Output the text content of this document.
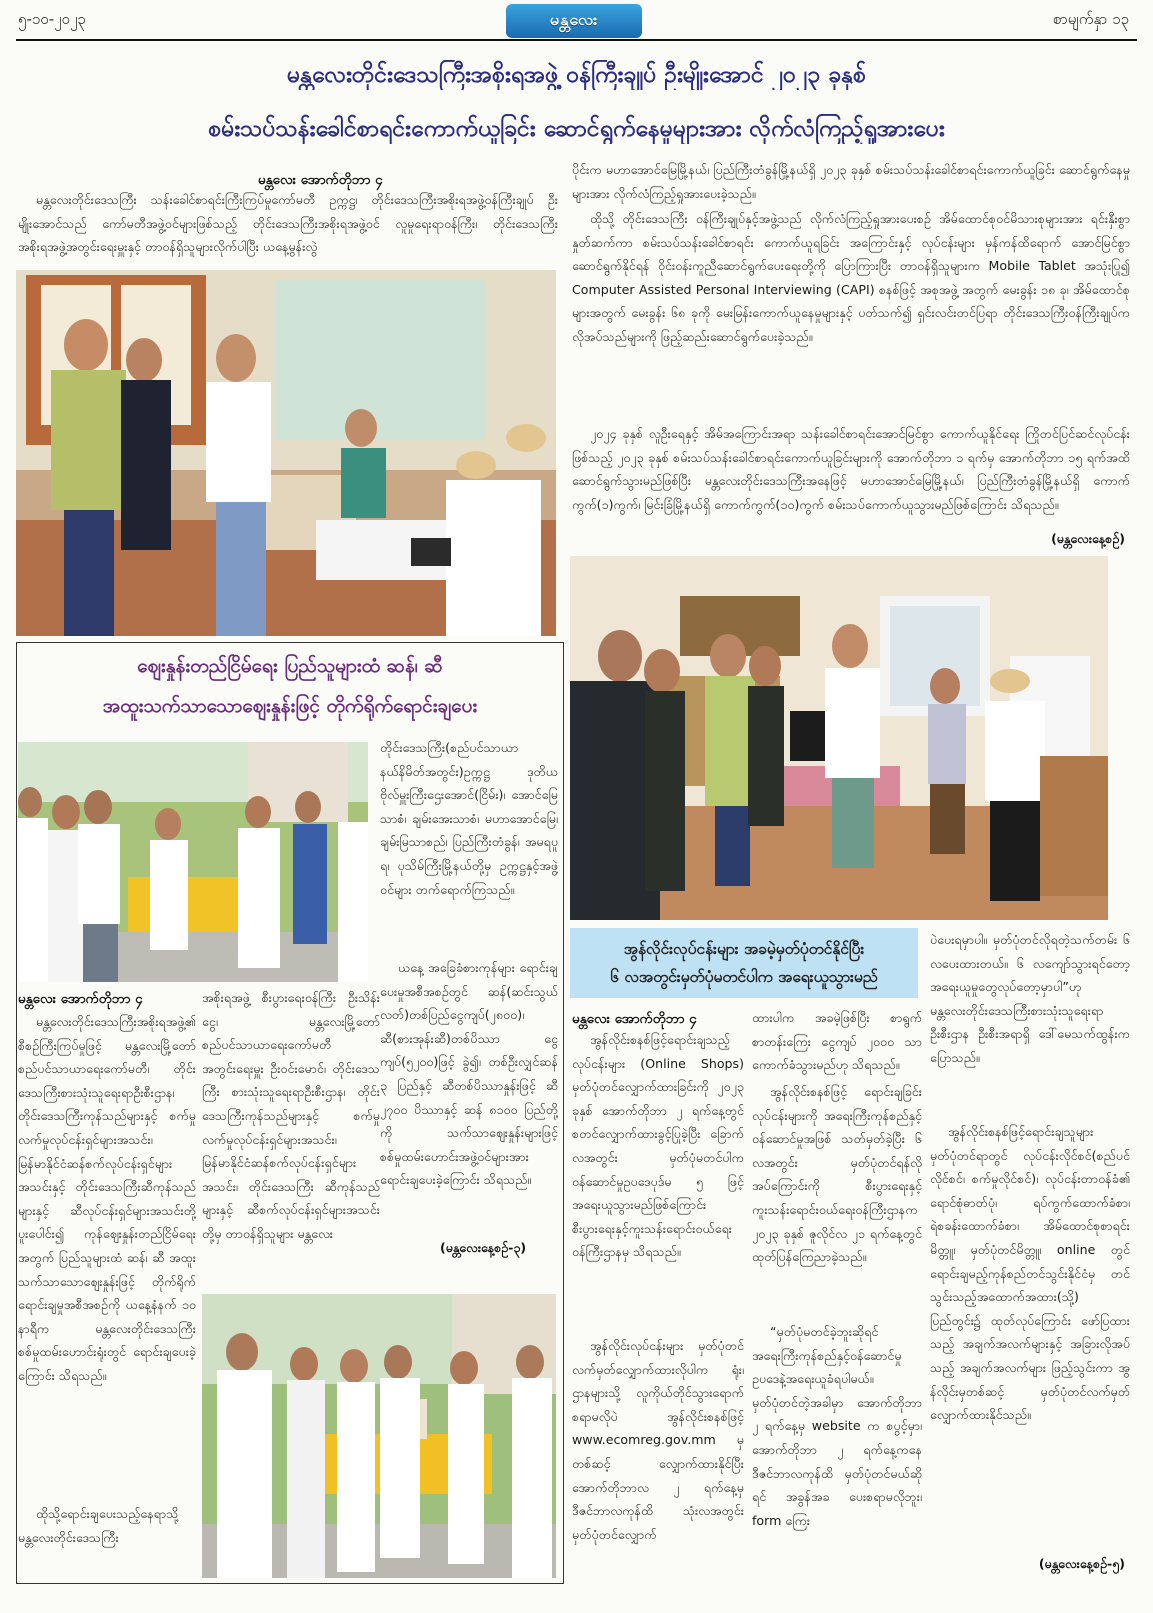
၅-၁၀-၂၀၂၃	မန္တလေး	စာမျက်နှာ ၁၃
မန္တလေးတိုင်းဒေသကြီးအစိုးရအဖွဲ့ ဝန်ကြီးချုပ် ဦးမျိုးအောင် ၂၀၂၃ ခုနှစ်
စမ်းသပ်သန်းခေါင်စာရင်းကောက်ယူခြင်း ဆောင်ရွက်နေမှုများအား လိုက်လံကြည့်ရှုအားပေး
မန္တလေး အောက်တိုဘာ ၄
မန္တလေးတိုင်းဒေသကြီး သန်းခေါင်စာရင်းကြီးကြပ်မှုကော်မတီ ဥက္ကဋ္ဌ၊ တိုင်းဒေသကြီးအစိုးရအဖွဲ့ဝန်ကြီးချုပ် ဦးမျိုးအောင်သည် ကော်မတီအဖွဲ့ဝင်များဖြစ်သည့် တိုင်းဒေသကြီးအစိုးရအဖွဲ့ဝင် လူမှုရေးရာဝန်ကြီး၊ တိုင်းဒေသကြီးအစိုးရအဖွဲ့အတွင်းရေးမှူးနှင့် တာဝန်ရှိသူများလိုက်ပါပြီး ယနေ့မွန်းလွဲ
ပိုင်းက မဟာအောင်မြေမြို့နယ်၊ ပြည်ကြီးတံခွန်မြို့နယ်ရှိ ၂၀၂၃ ခုနှစ် စမ်းသပ်သန်းခေါင်စာရင်းကောက်ယူခြင်း ဆောင်ရွက်နေမှုများအား လိုက်လံကြည့်ရှုအားပေးခဲ့သည်။
ထိုသို့ တိုင်းဒေသကြီး ဝန်ကြီးချုပ်နှင့်အဖွဲ့သည် လိုက်လံကြည့်ရှုအားပေးစဉ် အိမ်ထောင်စုဝင်မိသားစုများအား ရင်းနှီးစွာ နှုတ်ဆက်ကာ စမ်းသပ်သန်းခေါင်စာရင်း ကောက်ယူရခြင်း အကြောင်းနှင့် လုပ်ငန်းများ မှန်ကန်ထိရောက် အောင်မြင်စွာ ဆောင်ရွက်နိုင်ရန် ဝိုင်းဝန်းကူညီဆောင်ရွက်ပေးရေးတို့ကို ပြောကြားပြီး တာဝန်ရှိသူများက Mobile Tablet အသုံးပြု၍ Computer Assisted Personal Interviewing (CAPI) စနစ်ဖြင့် အစုအဖွဲ့ အတွက် မေးခွန်း ၁၈ ခု၊ အိမ်ထောင်စုများအတွက် မေးခွန်း ၆၈ ခုကို မေးမြန်းကောက်ယူနေမှုများနှင့် ပတ်သက်၍ ရှင်းလင်းတင်ပြရာ တိုင်းဒေသကြီးဝန်ကြီးချုပ်က လိုအပ်သည်များကို ဖြည့်ဆည်းဆောင်ရွက်ပေးခဲ့သည်။
၂၀၂၄ ခုနှစ် လူဦးရေနှင့် အိမ်အကြောင်းအရာ သန်းခေါင်စာရင်းအောင်မြင်စွာ ကောက်ယူနိုင်ရေး ကြိုတင်ပြင်ဆင်လုပ်ငန်းဖြစ်သည့် ၂၀၂၃ ခုနှစ် စမ်းသပ်သန်းခေါင်စာရင်းကောက်ယူခြင်းများကို အောက်တိုဘာ ၁ ရက်မှ အောက်တိုဘာ ၁၅ ရက်အထိ ဆောင်ရွက်သွားမည်ဖြစ်ပြီး မန္တလေးတိုင်းဒေသကြီးအနေဖြင့် မဟာအောင်မြေမြို့နယ်၊ ပြည်ကြီးတံခွန်မြို့နယ်ရှိ ကောက်ကွက်(၁)ကွက်၊ မြင်းခြံမြို့နယ်ရှိ ကောက်ကွက်(၁၀)ကွက် စမ်းသပ်ကောက်ယူသွားမည်ဖြစ်ကြောင်း သိရသည်။
(မန္တလေးနေ့စဉ်)
ဈေးနှုန်းတည်ငြိမ်ရေး ပြည်သူများထံ ဆန်၊ ဆီ
အထူးသက်သာသောဈေးနှုန်းဖြင့် တိုက်ရိုက်ရောင်းချပေး
တိုင်းဒေသကြီး(စည်ပင်သာယာနယ်နိမိတ်အတွင်း)ဥက္ကဋ္ဌ ဒုတိယဗိုလ်မှူးကြီးဌေးအောင်(ငြိမ်း)၊ အောင်မြေသာစံ၊ ချမ်းအေးသာစံ၊ မဟာအောင်မြေ၊ ချမ်းမြသာစည်၊ ပြည်ကြီးတံခွန်၊ အမရပူရ၊ ပုသိမ်ကြီးမြို့နယ်တို့မှ ဥက္ကဋ္ဌနှင့်အဖွဲ့ဝင်များ တက်ရောက်ကြသည်။
ယနေ့ အခြေခံစားကုန်များ ရောင်းချပေးမှုအစီအစဉ်တွင် ဆန်(ဆင်းသွယ်လတ်)တစ်ပြည်ငွေကျပ်(၂၈၀၀)၊ ဆီ(စားအုန်းဆီ)တစ်ပိဿာ ငွေကျပ်(၅၂၀၀)ဖြင့် ခွဲ၍၊ တစ်ဦးလျှင်ဆန် ၃ ပြည်နှင့် ဆီတစ်ပိဿာနှုန်းဖြင့် ဆီ ၂၇၀၀ ပိဿာနှင့် ဆန် ၈၁၀၀ ပြည်တို့ကို သက်သာဈေးနှုန်းများဖြင့် စစ်မှုထမ်းဟောင်းအဖွဲ့ဝင်များအား ရောင်းချပေးခဲ့ကြောင်း သိရသည်။
(မန္တလေးနေ့စဉ်-၃)
မန္တလေး အောက်တိုဘာ ၄
မန္တလေးတိုင်းဒေသကြီးအစိုးရအဖွဲ့၏ စီစဉ်ကြီးကြပ်မှုဖြင့် မန္တလေးမြို့တော်စည်ပင်သာယာရေးကော်မတီ၊ တိုင်းဒေသကြီးစားသုံးသူရေးရာဦးစီးဌာန၊ တိုင်းဒေသကြီးကုန်သည်များနှင့် စက်မှုလက်မှုလုပ်ငန်းရှင်များအသင်း၊ မြန်မာနိုင်ငံဆန်စက်လုပ်ငန်းရှင်များအသင်းနှင့် တိုင်းဒေသကြီးဆီကုန်သည်များနှင့် ဆီလုပ်ငန်းရှင်များအသင်းတို့ ပူးပေါင်း၍ ကုန်ဈေးနှုန်းတည်ငြိမ်ရေးအတွက် ပြည်သူများထံ ဆန်၊ ဆီ အထူးသက်သာသောဈေးနှုန်းဖြင့် တိုက်ရိုက်ရောင်းချမှုအစီအစဉ်ကို ယနေ့နံနက် ၁၀ နာရီက မန္တလေးတိုင်းဒေသကြီးစစ်မှုထမ်းဟောင်းရုံးတွင် ရောင်းချပေးခဲ့ကြောင်း သိရသည်။
ထိုသို့ရောင်းချပေးသည့်နေရာသို့ မန္တလေးတိုင်းဒေသကြီး
အစိုးရအဖွဲ့ စီးပွားရေးဝန်ကြီး ဦးသိန်းငွေ၊ မန္တလေးမြို့တော် စည်ပင်သာယာရေးကော်မတီ အတွင်းရေးမှူး ဦးဝင်းမောင်၊ တိုင်းဒေသကြီး စားသုံးသူရေးရာဦးစီးဌာန၊ တိုင်းဒေသကြီးကုန်သည်များနှင့် စက်မှုလက်မှုလုပ်ငန်းရှင်များအသင်း၊ မြန်မာနိုင်ငံဆန်စက်လုပ်ငန်းရှင်များအသင်း၊ တိုင်းဒေသကြီး ဆီကုန်သည်များနှင့် ဆီစက်လုပ်ငန်းရှင်များအသင်းတို့မှ တာဝန်ရှိသူများ မန္တလေး
အွန်လိုင်းလုပ်ငန်းများ အခမဲ့မှတ်ပုံတင်နိုင်ပြီး
၆ လအတွင်းမှတ်ပုံမတင်ပါက အရေးယူသွားမည်
မန္တလေး အောက်တိုဘာ ၄
အွန်လိုင်းစနစ်ဖြင့်ရောင်းချသည့် လုပ်ငန်းများ (Online Shops) မှတ်ပုံတင်လျှောက်ထားခြင်းကို ၂၀၂၃ ခုနှစ် အောက်တိုဘာ ၂ ရက်နေ့တွင် စတင်လျှောက်ထားခွင့်ပြုခဲ့ပြီး ခြောက်လအတွင်း မှတ်ပုံမတင်ပါက ဝန်ဆောင်မှုဥပဒေပုဒ်မ ၅ ဖြင့် အရေးယူသွားမည်ဖြစ်ကြောင်း စီးပွားရေးနှင့်ကူးသန်းရောင်းဝယ်ရေးဝန်ကြီးဌာနမှ သိရသည်။
အွန်လိုင်းလုပ်ငန်းများ မှတ်ပုံတင်လက်မှတ်လျှောက်ထားလိုပါက ရုံး၊ ဌာနများသို့ လူကိုယ်တိုင်သွားရောက်စရာမလိုပဲ အွန်လိုင်းစနစ်ဖြင့် www.ecomreg.gov.mm မှတစ်ဆင့် လျှောက်ထားနိုင်ပြီး အောက်တိုဘာလ ၂ ရက်နေ့မှ ဒီဇင်ဘာလကုန်ထိ သုံးလအတွင်း မှတ်ပုံတင်လျှောက်
ထားပါက အခမဲ့ဖြစ်ပြီး စာရွက်စာတန်းကြေး ငွေကျပ် ၂၀၀၀ သာ ကောက်ခံသွားမည်ဟု သိရသည်။
အွန်လိုင်းစနစ်ဖြင့် ရောင်းချခြင်းလုပ်ငန်းများကို အရေးကြီးကုန်စည်နှင့်ဝန်ဆောင်မှုအဖြစ် သတ်မှတ်ခဲ့ပြီး ၆ လအတွင်း မှတ်ပုံတင်ရန်လိုအပ်ကြောင်းကို စီးပွားရေးနှင့်ကူးသန်းရောင်းဝယ်ရေးဝန်ကြီးဌာနက ၂၀၂၃ ခုနှစ် ဇူလိုင်လ ၂၁ ရက်နေ့တွင် ထုတ်ပြန်ကြေညာခဲ့သည်။
“မှတ်ပုံမတင်ခဲ့ဘူးဆိုရင် အရေးကြီးကုန်စည်နှင့်ဝန်ဆောင်မှုဥပဒေနဲ့အရေးယူခံရပါမယ်။ မှတ်ပုံတင်တဲ့အခါမှာ အောက်တိုဘာ ၂ ရက်နေ့မှ website က စပွင့်မှာ၊ အောက်တိုဘာ ၂ ရက်နေ့ကနေ ဒီဇင်ဘာလကုန်ထိ မှတ်ပုံတင်မယ်ဆိုရင် အခွန်အခ ပေးစရာမလိုဘူး၊ form ကြေး
ပဲပေးရမှာပါ။ မှတ်ပုံတင်လိုရတဲ့သက်တမ်း ၆ လပေးထားတယ်။ ၆ လကျော်သွားရင်တော့ အရေးယူမှုတွေလုပ်တော့မှာပါ”ဟု မန္တလေးတိုင်းဒေသကြီးစားသုံးသူရေးရာဦးစီးဌာန ဦးစီးအရာရှိ ဒေါ်မေသက်ထွန်းက ပြောသည်။
အွန်လိုင်းစနစ်ဖြင့်ရောင်းချသူများ မှတ်ပုံတင်ရာတွင် လုပ်ငန်းလိုင်စင်(စည်ပင်လိုင်စင်၊ စက်မှုလိုင်စင်)၊ လုပ်ငန်းတာဝန်ခံ၏ ရောင်စုံဓာတ်ပုံ၊ ရပ်ကွက်ထောက်ခံစာ၊ ရဲစခန်းထောက်ခံစာ၊ အိမ်ထောင်စုစာရင်းမိတ္တူ၊ မှတ်ပုံတင်မိတ္တူ၊ online တွင် ရောင်းချမည့်ကုန်စည်တင်သွင်းနိုင်ငံမှ တင်သွင်းသည့်အထောက်အထား(သို့) ပြည်တွင်း၌ ထုတ်လုပ်ကြောင်း ဖော်ပြထားသည့် အချက်အလက်များနှင့် အခြားလိုအပ်သည့် အချက်အလက်များ ဖြည့်သွင်းကာ အွန်လိုင်းမှတစ်ဆင့် မှတ်ပုံတင်လက်မှတ်လျှောက်ထားနိုင်သည်။
(မန္တလေးနေ့စဉ်-၅)
